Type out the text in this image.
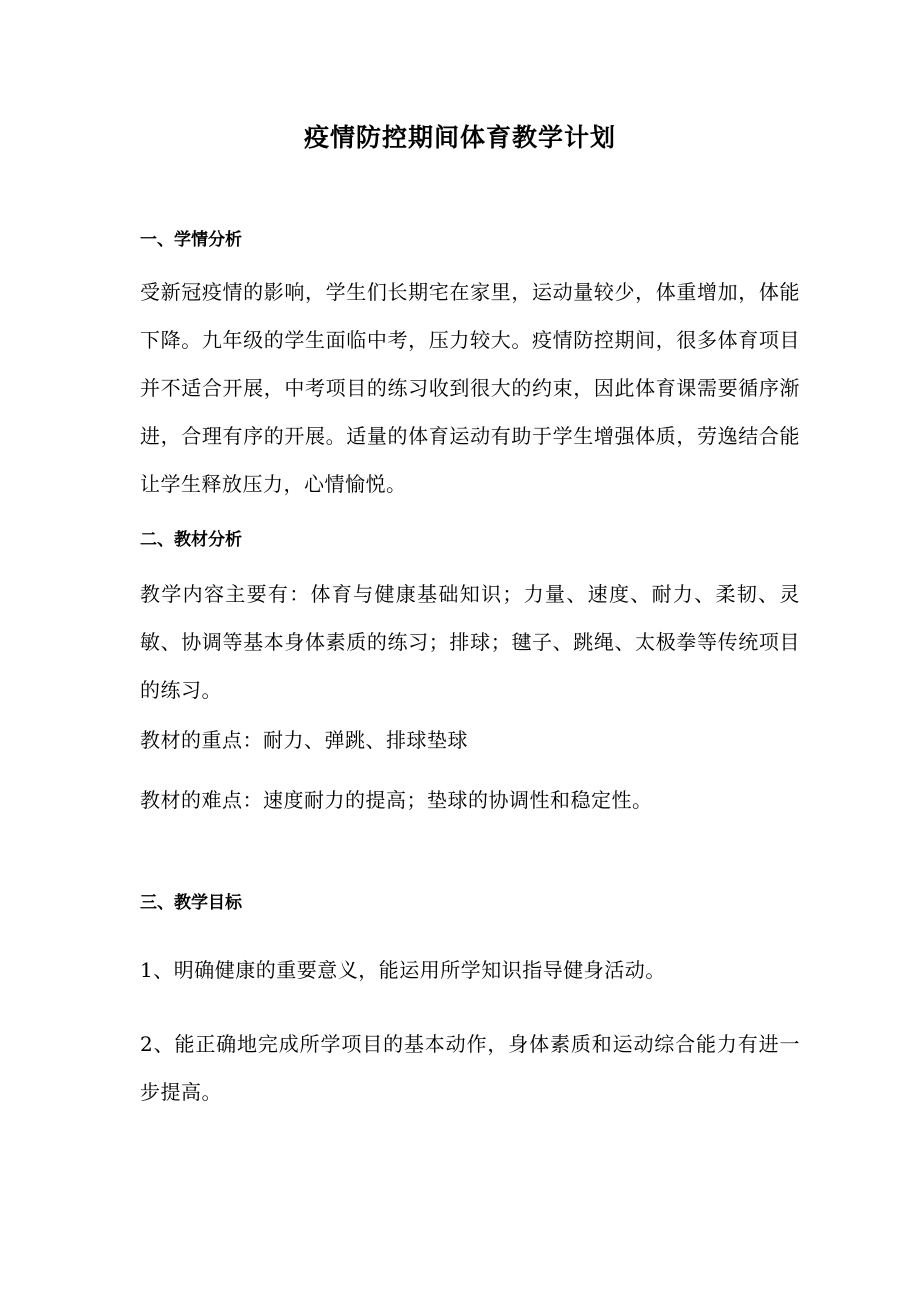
疫情防控期间体育教学计划
一、学情分析

受新冠疫情的影响，学生们长期宅在家里，运动量较少，体重增加，体能下降。九年级的学生面临中考，压力较大。疫情防控期间，很多体育项目并不适合开展，中考项目的练习收到很大的约束，因此体育课需要循序渐进，合理有序的开展。适量的体育运动有助于学生增强体质，劳逸结合能让学生释放压力，心情愉悦。

二、教材分析

教学内容主要有：体育与健康基础知识；力量、速度、耐力、柔韧、灵敏、协调等基本身体素质的练习；排球；毽子、跳绳、太极拳等传统项目的练习。

教材的重点：耐力、弹跳、排球垫球

教材的难点：速度耐力的提高；垫球的协调性和稳定性。

三、教学目标

1、明确健康的重要意义，能运用所学知识指导健身活动。

2、能正确地完成所学项目的基本动作，身体素质和运动综合能力有进一步提高。
